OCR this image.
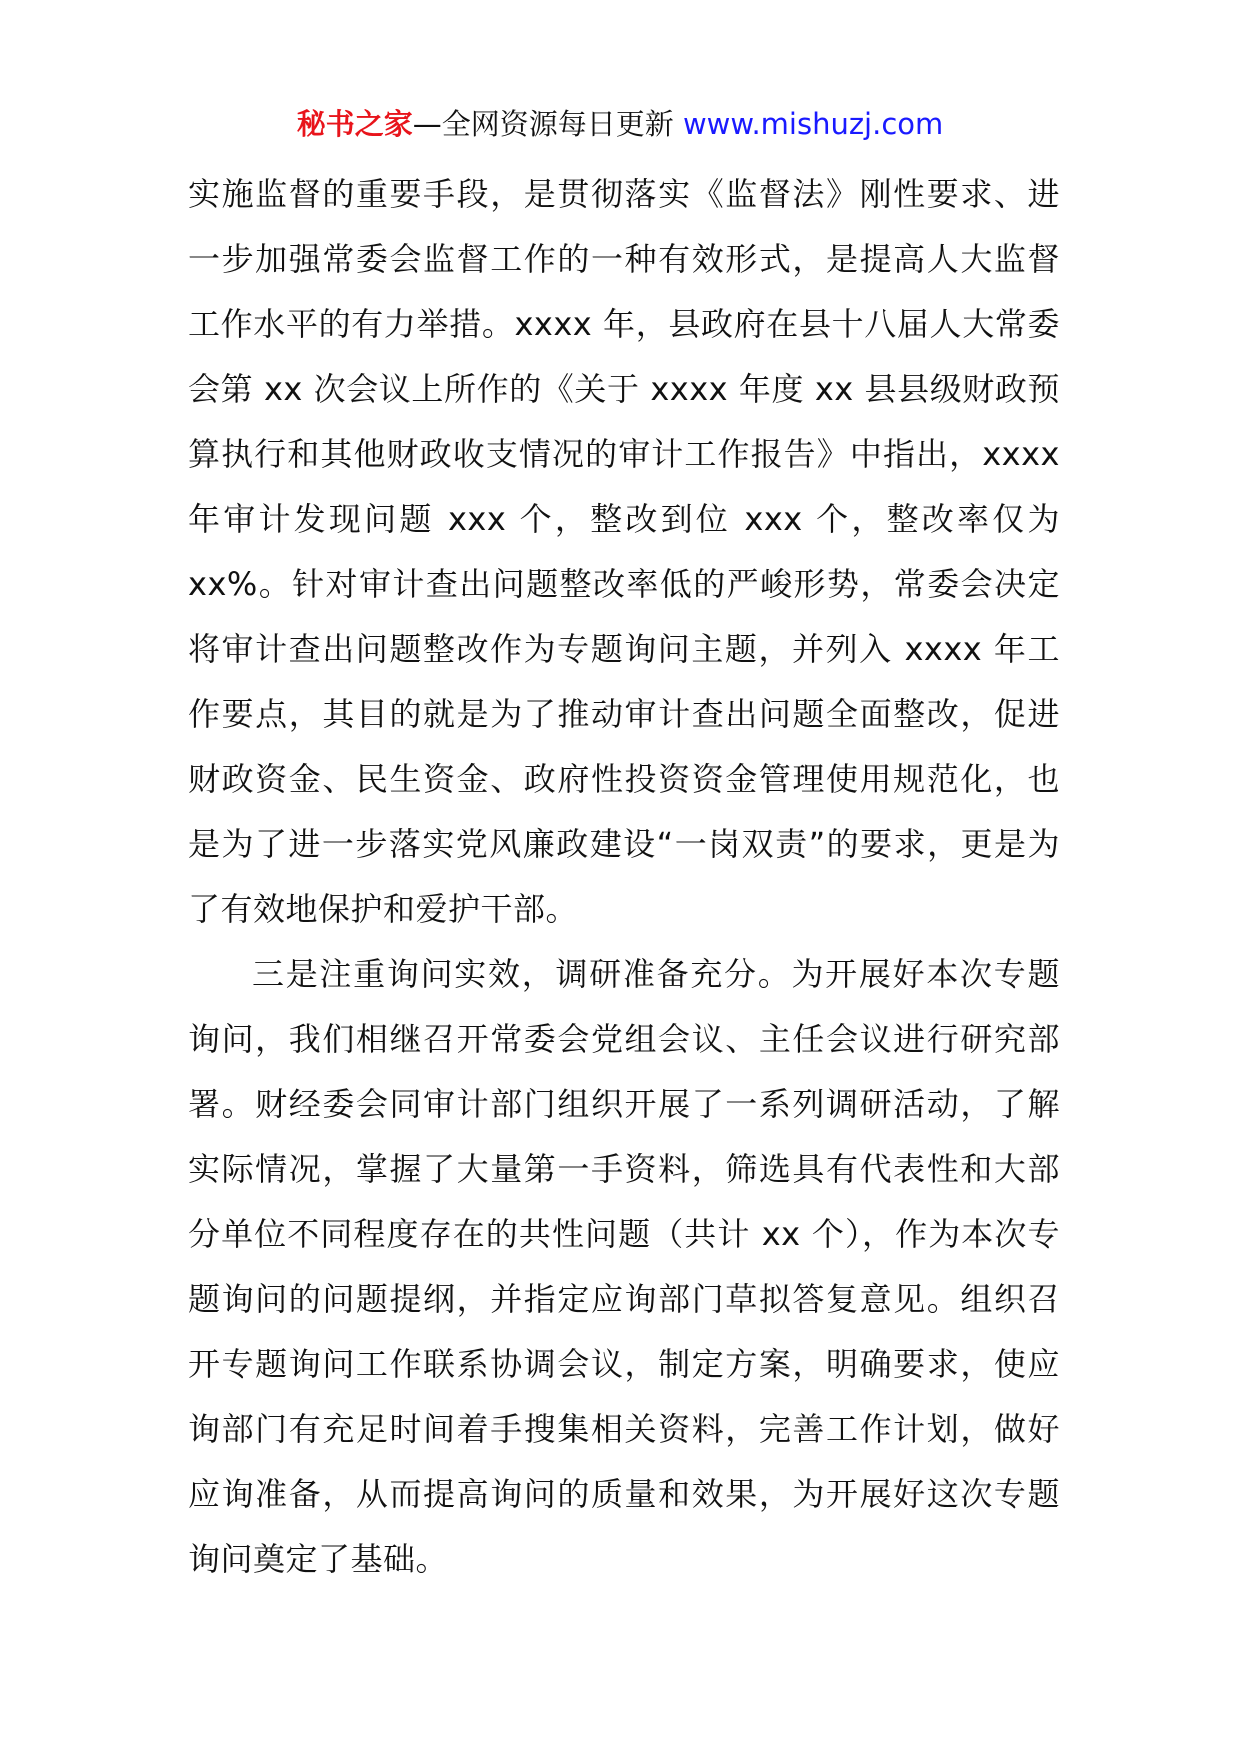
秘书之家—全网资源每日更新 www.mishuzj.com

实施监督的重要手段，是贯彻落实《监督法》刚性要求、进一步加强常委会监督工作的一种有效形式，是提高人大监督工作水平的有力举措。xxxx 年，县政府在县十八届人大常委会第 xx 次会议上所作的《关于 xxxx 年度 xx 县县级财政预算执行和其他财政收支情况的审计工作报告》中指出，xxxx 年审计发现问题 xxx 个，整改到位 xxx 个，整改率仅为 xx%。针对审计查出问题整改率低的严峻形势，常委会决定将审计查出问题整改作为专题询问主题，并列入 xxxx 年工作要点，其目的就是为了推动审计查出问题全面整改，促进财政资金、民生资金、政府性投资资金管理使用规范化，也是为了进一步落实党风廉政建设“一岗双责”的要求，更是为了有效地保护和爱护干部。

三是注重询问实效，调研准备充分。为开展好本次专题询问，我们相继召开常委会党组会议、主任会议进行研究部署。财经委会同审计部门组织开展了一系列调研活动，了解实际情况，掌握了大量第一手资料，筛选具有代表性和大部分单位不同程度存在的共性问题（共计 xx 个），作为本次专题询问的问题提纲，并指定应询部门草拟答复意见。组织召开专题询问工作联系协调会议，制定方案，明确要求，使应询部门有充足时间着手搜集相关资料，完善工作计划，做好应询准备，从而提高询问的质量和效果，为开展好这次专题询问奠定了基础。
